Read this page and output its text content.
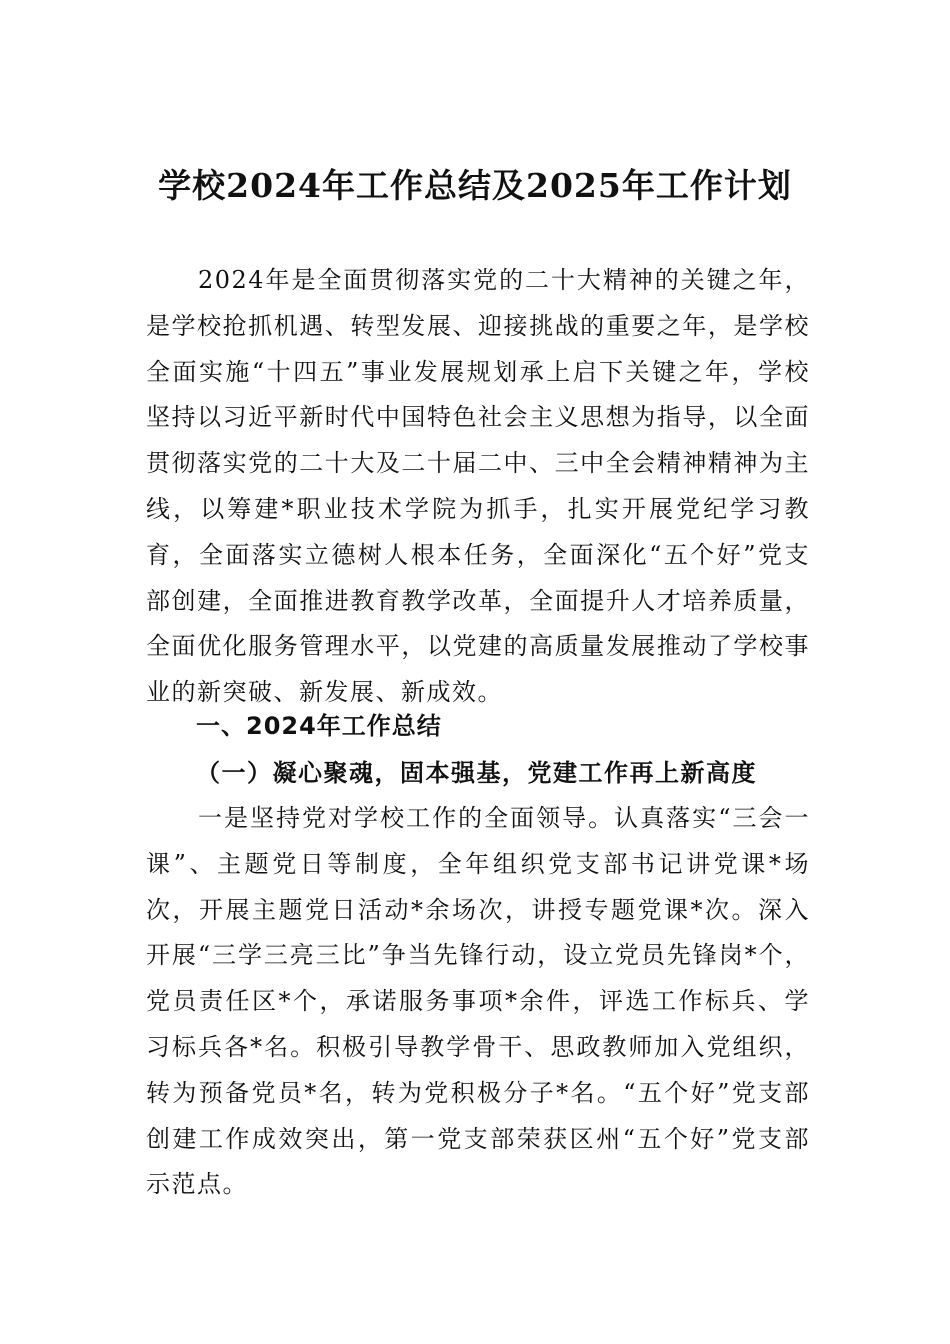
学校2024年工作总结及2025年工作计划

2024年是全面贯彻落实党的二十大精神的关键之年，是学校抢抓机遇、转型发展、迎接挑战的重要之年，是学校全面实施“十四五”事业发展规划承上启下关键之年，学校坚持以习近平新时代中国特色社会主义思想为指导，以全面贯彻落实党的二十大及二十届二中、三中全会精神精神为主线，以筹建*职业技术学院为抓手，扎实开展党纪学习教育，全面落实立德树人根本任务，全面深化“五个好”党支部创建，全面推进教育教学改革，全面提升人才培养质量，全面优化服务管理水平，以党建的高质量发展推动了学校事业的新突破、新发展、新成效。

一、2024年工作总结
（一）凝心聚魂，固本强基，党建工作再上新高度

一是坚持党对学校工作的全面领导。认真落实“三会一课”、主题党日等制度，全年组织党支部书记讲党课*场次，开展主题党日活动*余场次，讲授专题党课*次。深入开展“三学三亮三比”争当先锋行动，设立党员先锋岗*个，党员责任区*个，承诺服务事项*余件，评选工作标兵、学习标兵各*名。积极引导教学骨干、思政教师加入党组织，转为预备党员*名，转为党积极分子*名。“五个好”党支部创建工作成效突出，第一党支部荣获区州“五个好”党支部示范点。
